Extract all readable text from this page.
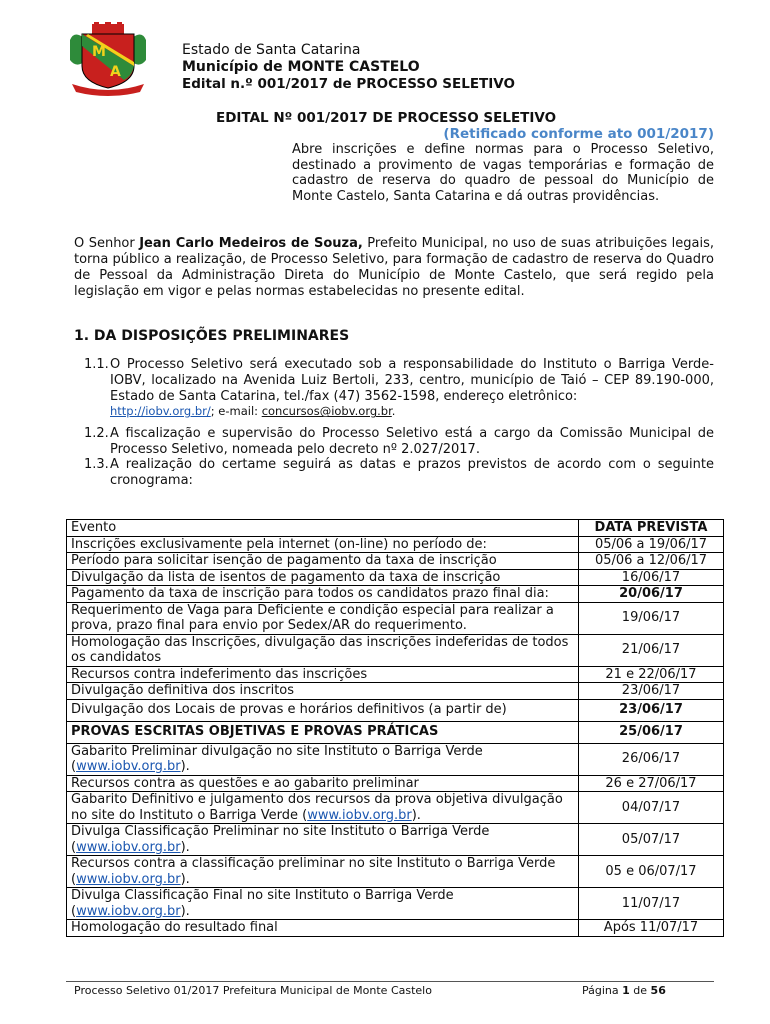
M
A
Estado de Santa Catarina
Município de MONTE CASTELO
Edital n.º 001/2017 de PROCESSO SELETIVO
EDITAL Nº 001/2017 DE PROCESSO SELETIVO
(Retificado conforme ato 001/2017)
Abre inscrições e define normas para o Processo Seletivo, destinado a provimento de vagas temporárias e formação de cadastro de reserva do quadro de pessoal do Município de Monte Castelo, Santa Catarina e dá outras providências.
O Senhor Jean Carlo Medeiros de Souza, Prefeito Municipal, no uso de suas atribuições legais, torna público a realização, de Processo Seletivo, para formação de cadastro de reserva do Quadro de Pessoal da Administração Direta do Município de Monte Castelo, que será regido pela legislação em vigor e pelas normas estabelecidas no presente edital.
1. DA DISPOSIÇÕES PRELIMINARES
1.1. O Processo Seletivo será executado sob a responsabilidade do Instituto o Barriga Verde-IOBV, localizado na Avenida Luiz Bertoli, 233, centro, município de Taió – CEP 89.190-000, Estado de Santa Catarina, tel./fax (47) 3562-1598, endereço eletrônico:
http://iobv.org.br/; e-mail: concursos@iobv.org.br.
1.2. A fiscalização e supervisão do Processo Seletivo está a cargo da Comissão Municipal de Processo Seletivo, nomeada pelo decreto nº 2.027/2017.
1.3. A realização do certame seguirá as datas e prazos previstos de acordo com o seguinte cronograma:
Evento	DATA PREVISTA
Inscrições exclusivamente pela internet (on-line) no período de:	05/06 a 19/06/17
Período para solicitar isenção de pagamento da taxa de inscrição	05/06 a 12/06/17
Divulgação da lista de isentos de pagamento da taxa de inscrição	16/06/17
Pagamento da taxa de inscrição para todos os candidatos prazo final dia:	20/06/17
Requerimento de Vaga para Deficiente e condição especial para realizar a prova, prazo final para envio por Sedex/AR do requerimento.	19/06/17
Homologação das Inscrições, divulgação das inscrições indeferidas de todos os candidatos	21/06/17
Recursos contra indeferimento das inscrições	21 e 22/06/17
Divulgação definitiva dos inscritos	23/06/17
Divulgação dos Locais de provas e horários definitivos (a partir de)	23/06/17
PROVAS ESCRITAS OBJETIVAS E PROVAS PRÁTICAS	25/06/17
Gabarito Preliminar divulgação no site Instituto o Barriga Verde (www.iobv.org.br).	26/06/17
Recursos contra as questões e ao gabarito preliminar	26 e 27/06/17
Gabarito Definitivo e julgamento dos recursos da prova objetiva divulgação no site do Instituto o Barriga Verde (www.iobv.org.br).	04/07/17
Divulga Classificação Preliminar no site Instituto o Barriga Verde (www.iobv.org.br).	05/07/17
Recursos contra a classificação preliminar no site Instituto o Barriga Verde (www.iobv.org.br).	05 e 06/07/17
Divulga Classificação Final no site Instituto o Barriga Verde (www.iobv.org.br).	11/07/17
Homologação do resultado final	Após 11/07/17
Processo Seletivo 01/2017 Prefeitura Municipal de Monte Castelo	Página 1 de 56
